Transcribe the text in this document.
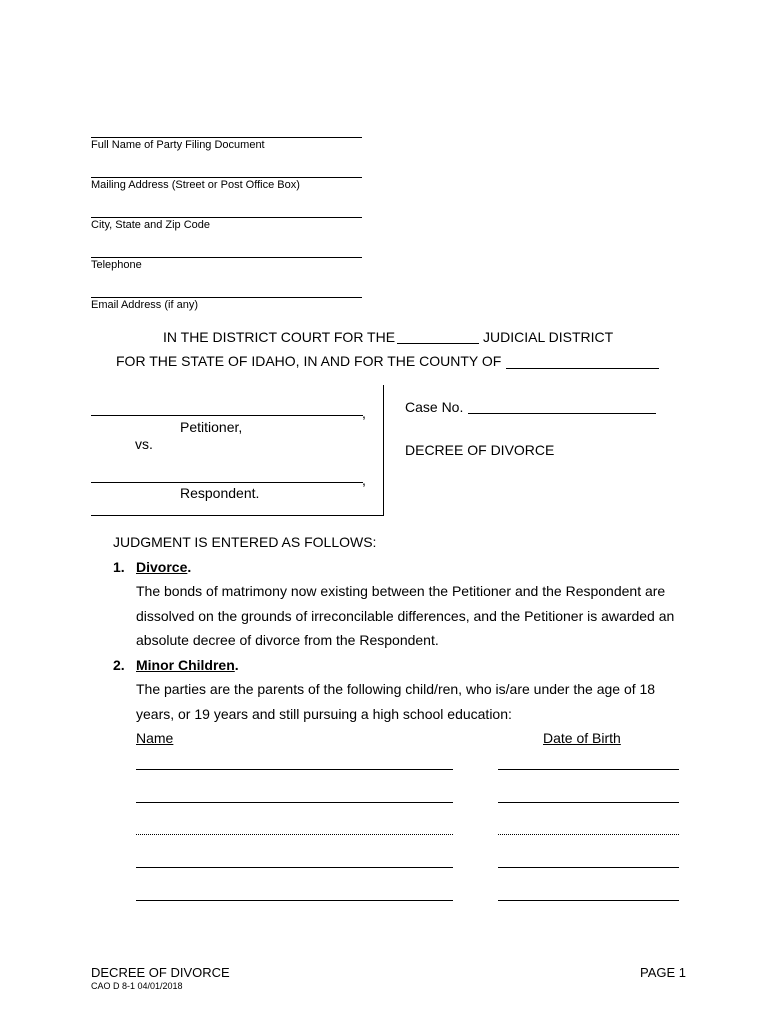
Full Name of Party Filing Document
Mailing Address (Street or Post Office Box)
City, State and Zip Code
Telephone
Email Address (if any)
IN THE DISTRICT COURT FOR THE	JUDICIAL DISTRICT
FOR THE STATE OF IDAHO, IN AND FOR THE COUNTY OF
,
Petitioner,
vs.
,
Respondent.
Case No.
DECREE OF DIVORCE
JUDGMENT IS ENTERED AS FOLLOWS:
1. Divorce.
The bonds of matrimony now existing between the Petitioner and the Respondent are
dissolved on the grounds of irreconcilable differences, and the Petitioner is awarded an
absolute decree of divorce from the Respondent.
2. Minor Children.
The parties are the parents of the following child/ren, who is/are under the age of 18
years, or 19 years and still pursuing a high school education:
Name	Date of Birth
DECREE OF DIVORCE
CAO D 8-1 04/01/2018
PAGE 1
